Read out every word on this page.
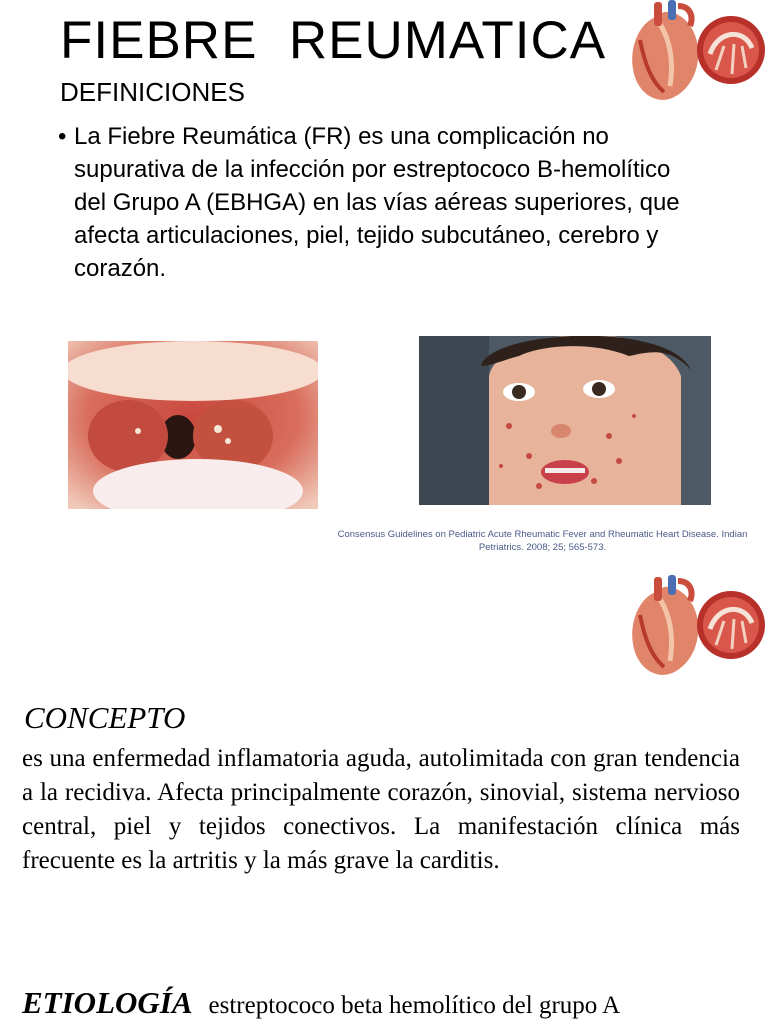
FIEBRE  REUMATICA
DEFINICIONES
• La Fiebre Reumática (FR) es una complicación no supurativa de la infección por estreptococo B-hemolítico del Grupo A (EBHGA) en las vías aéreas superiores, que afecta articulaciones, piel, tejido subcutáneo, cerebro y corazón.
Consensus Guidelines on Pediatric Acute Rheumatic Fever and Rheumatic Heart Disease. Indian Petriatrics. 2008; 25; 565-573.
CONCEPTO
es una enfermedad inflamatoria aguda, autolimitada con gran tendencia a la recidiva. Afecta principalmente corazón, sinovial, sistema nervioso central, piel y tejidos conectivos. La manifestación clínica más frecuente es la artritis y la más grave la carditis.
ETIOLOGÍA estreptococo beta hemolítico del grupo A
